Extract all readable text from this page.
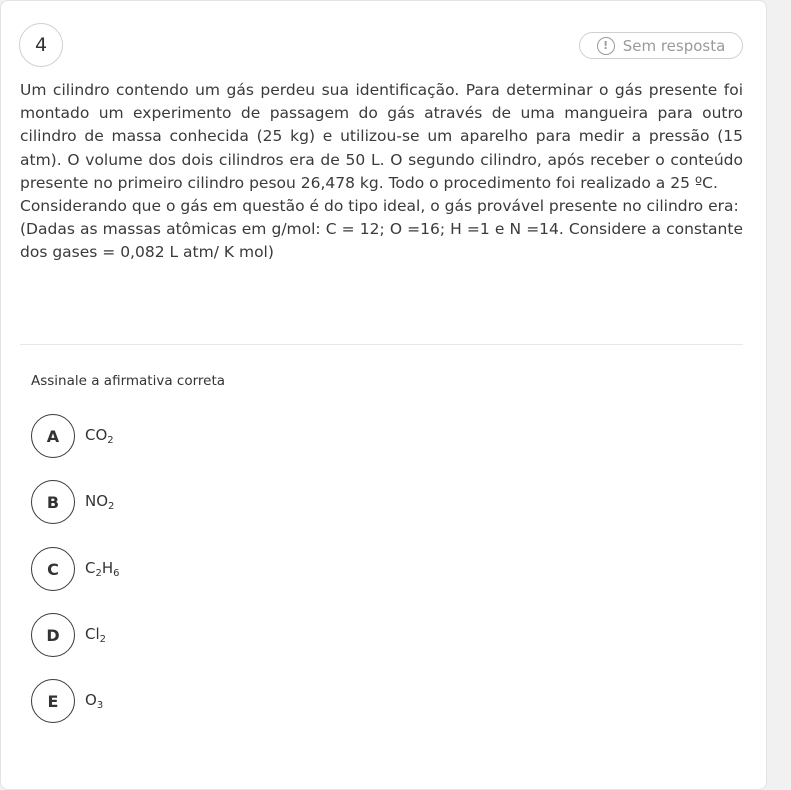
4	! Sem resposta

Um cilindro contendo um gás perdeu sua identificação. Para determinar o gás presente foi montado um experimento de passagem do gás através de uma mangueira para outro cilindro de massa conhecida (25 kg) e utilizou-se um aparelho para medir a pressão (15 atm). O volume dos dois cilindros era de 50 L. O segundo cilindro, após receber o conteúdo presente no primeiro cilindro pesou 26,478 kg. Todo o procedimento foi realizado a 25 ºC.

Considerando que o gás em questão é do tipo ideal, o gás provável presente no cilindro era:

(Dadas as massas atômicas em g/mol: C = 12; O =16; H =1 e N =14. Considere a constante dos gases = 0,082 L atm/ K mol)

Assinale a afirmativa correta
A	$CO_2$
B	$NO_2$
C	$C_2H_6$
D	$Cl_2$
E	$O_3$
